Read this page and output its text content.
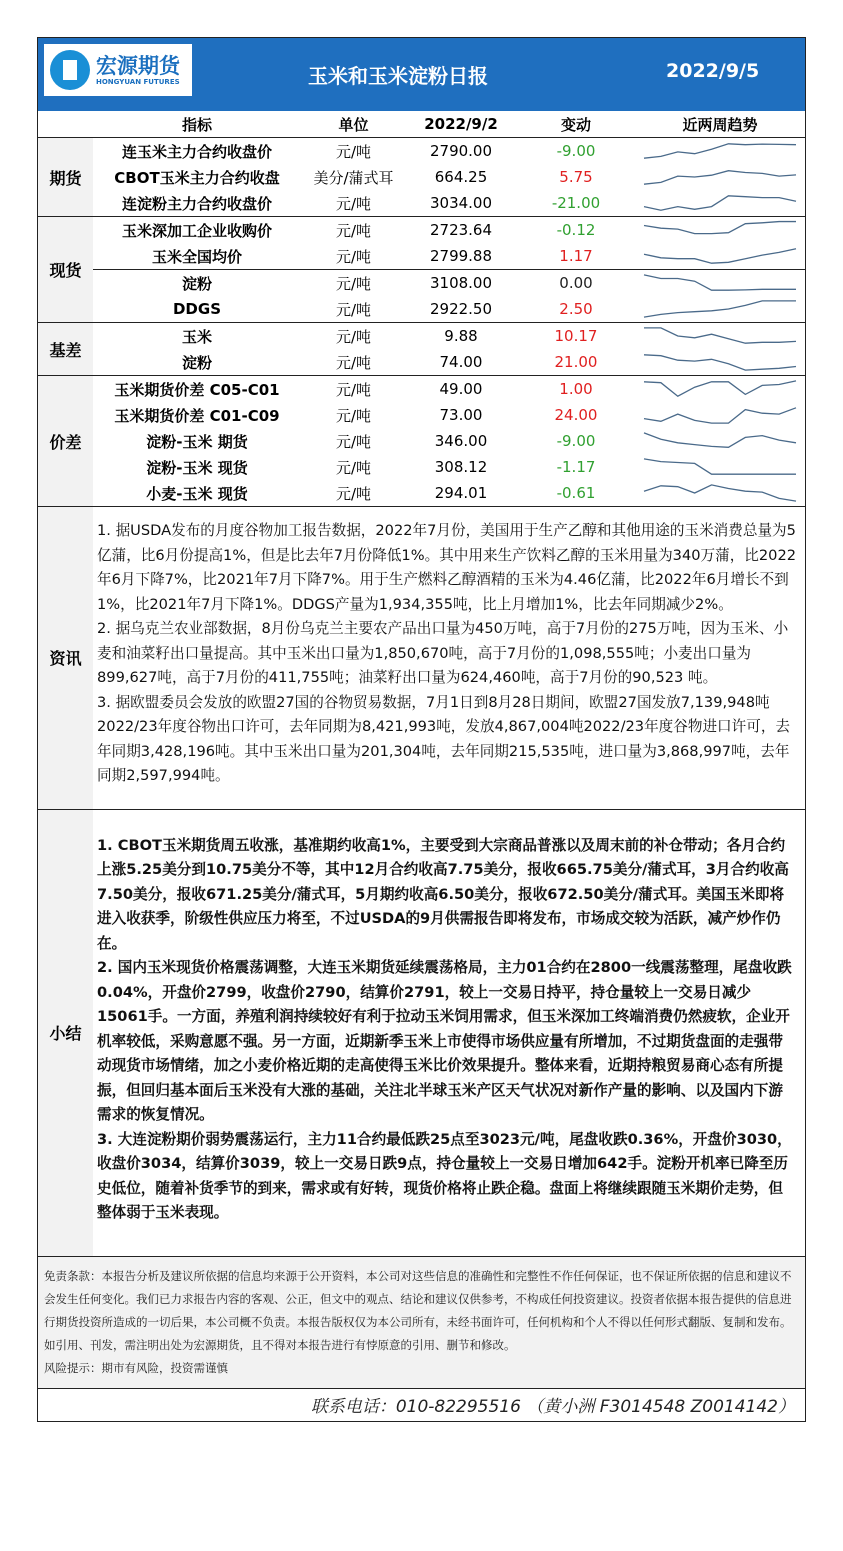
宏源期货
HONGYUAN FUTURES	玉米和玉米淀粉日报	2022/9/5
指标	单位	2022/9/2	变动	近两周趋势
期货
连玉米主力合约收盘价	元/吨	2790.00	-9.00
CBOT玉米主力合约收盘	美分/蒲式耳	664.25	5.75
连淀粉主力合约收盘价	元/吨	3034.00	-21.00
现货
玉米深加工企业收购价	元/吨	2723.64	-0.12
玉米全国均价	元/吨	2799.88	1.17
淀粉	元/吨	3108.00	0.00
DDGS	元/吨	2922.50	2.50
基差
玉米	元/吨	9.88	10.17
淀粉	元/吨	74.00	21.00
价差
玉米期货价差 C05-C01	元/吨	49.00	1.00
玉米期货价差 C01-C09	元/吨	73.00	24.00
淀粉-玉米 期货	元/吨	346.00	-9.00
淀粉-玉米 现货	元/吨	308.12	-1.17
小麦-玉米 现货	元/吨	294.01	-0.61
资讯

1. 据USDA发布的月度谷物加工报告数据，2022年7月份，美国用于生产乙醇和其他用途的玉米消费总量为5亿蒲，比6月份提高1%，但是比去年7月份降低1%。其中用来生产饮料乙醇的玉米用量为340万蒲，比2022年6月下降7%，比2021年7月下降7%。用于生产燃料乙醇酒精的玉米为4.46亿蒲，比2022年6月增长不到1%，比2021年7月下降1%。DDGS产量为1,934,355吨，比上月增加1%，比去年同期减少2%。

2. 据乌克兰农业部数据，8月份乌克兰主要农产品出口量为450万吨，高于7月份的275万吨，因为玉米、小麦和油菜籽出口量提高。其中玉米出口量为1,850,670吨，高于7月份的1,098,555吨；小麦出口量为899,627吨，高于7月份的411,755吨；油菜籽出口量为624,460吨，高于7月份的90,523 吨。

3. 据欧盟委员会发放的欧盟27国的谷物贸易数据，7月1日到8月28日期间，欧盟27国发放7,139,948吨2022/23年度谷物出口许可，去年同期为8,421,993吨，发放4,867,004吨2022/23年度谷物进口许可，去年同期3,428,196吨。其中玉米出口量为201,304吨，去年同期215,535吨，进口量为3,868,997吨，去年同期2,597,994吨。

小结

1. CBOT玉米期货周五收涨，基准期约收高1%，主要受到大宗商品普涨以及周末前的补仓带动；各月合约上涨5.25美分到10.75美分不等，其中12月合约收高7.75美分，报收665.75美分/蒲式耳，3月合约收高7.50美分，报收671.25美分/蒲式耳，5月期约收高6.50美分，报收672.50美分/蒲式耳。美国玉米即将进入收获季，阶级性供应压力将至，不过USDA的9月供需报告即将发布，市场成交较为活跃，减产炒作仍在。

2. 国内玉米现货价格震荡调整，大连玉米期货延续震荡格局，主力01合约在2800一线震荡整理，尾盘收跌0.04%，开盘价2799，收盘价2790，结算价2791，较上一交易日持平，持仓量较上一交易日减少15061手。一方面，养殖利润持续较好有利于拉动玉米饲用需求，但玉米深加工终端消费仍然疲软，企业开机率较低，采购意愿不强。另一方面，近期新季玉米上市使得市场供应量有所增加，不过期货盘面的走强带动现货市场情绪，加之小麦价格近期的走高使得玉米比价效果提升。整体来看，近期持粮贸易商心态有所提振，但回归基本面后玉米没有大涨的基础，关注北半球玉米产区天气状况对新作产量的影响、以及国内下游需求的恢复情况。

3. 大连淀粉期价弱势震荡运行，主力11合约最低跌25点至3023元/吨，尾盘收跌0.36%，开盘价3030，收盘价3034，结算价3039，较上一交易日跌9点，持仓量较上一交易日增加642手。淀粉开机率已降至历史低位，随着补货季节的到来，需求或有好转，现货价格将止跌企稳。盘面上将继续跟随玉米期价走势，但整体弱于玉米表现。

免责条款：本报告分析及建议所依据的信息均来源于公开资料，本公司对这些信息的准确性和完整性不作任何保证，也不保证所依据的信息和建议不会发生任何变化。我们已力求报告内容的客观、公正，但文中的观点、结论和建议仅供参考，不构成任何投资建议。投资者依据本报告提供的信息进行期货投资所造成的一切后果，本公司概不负责。本报告版权仅为本公司所有，未经书面许可，任何机构和个人不得以任何形式翻版、复制和发布。如引用、刊发，需注明出处为宏源期货，且不得对本报告进行有悖原意的引用、删节和修改。
风险提示：期市有风险，投资需谨慎
联系电话：010-82295516 （黄小洲 F3014548 Z0014142）
